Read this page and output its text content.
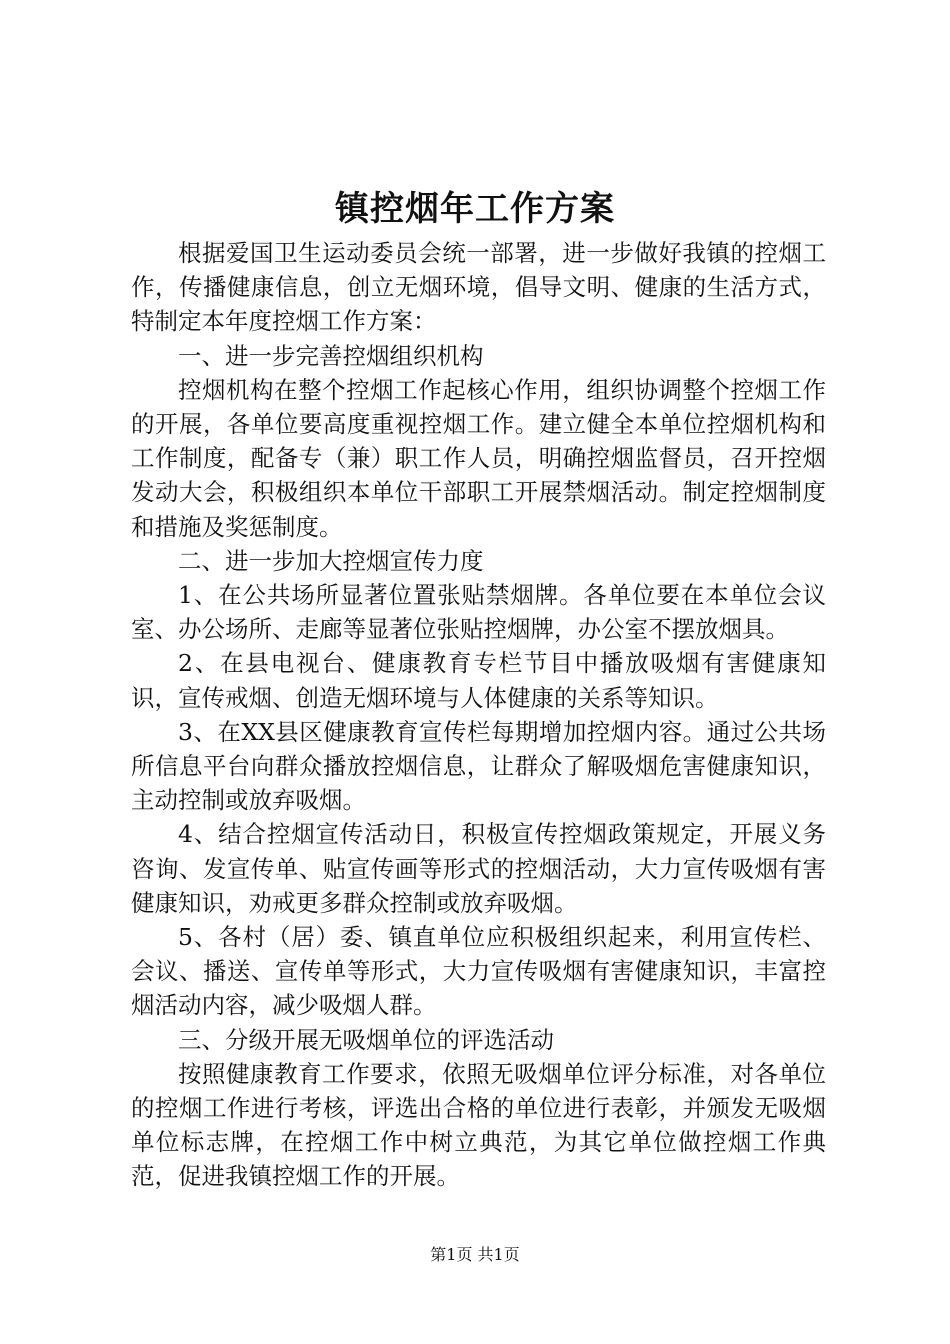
镇控烟年工作方案

根据爱国卫生运动委员会统一部署，进一步做好我镇的控烟工作，传播健康信息，创立无烟环境，倡导文明、健康的生活方式，特制定本年度控烟工作方案：

一、进一步完善控烟组织机构

控烟机构在整个控烟工作起核心作用，组织协调整个控烟工作的开展，各单位要高度重视控烟工作。建立健全本单位控烟机构和工作制度，配备专（兼）职工作人员，明确控烟监督员，召开控烟发动大会，积极组织本单位干部职工开展禁烟活动。制定控烟制度和措施及奖惩制度。

二、进一步加大控烟宣传力度

1、在公共场所显著位置张贴禁烟牌。各单位要在本单位会议室、办公场所、走廊等显著位张贴控烟牌，办公室不摆放烟具。

2、在县电视台、健康教育专栏节目中播放吸烟有害健康知识，宣传戒烟、创造无烟环境与人体健康的关系等知识。

3、在XX县区健康教育宣传栏每期增加控烟内容。通过公共场所信息平台向群众播放控烟信息，让群众了解吸烟危害健康知识，主动控制或放弃吸烟。

4、结合控烟宣传活动日，积极宣传控烟政策规定，开展义务咨询、发宣传单、贴宣传画等形式的控烟活动，大力宣传吸烟有害健康知识，劝戒更多群众控制或放弃吸烟。

5、各村（居）委、镇直单位应积极组织起来，利用宣传栏、会议、播送、宣传单等形式，大力宣传吸烟有害健康知识，丰富控烟活动内容，减少吸烟人群。

三、分级开展无吸烟单位的评选活动

按照健康教育工作要求，依照无吸烟单位评分标准，对各单位的控烟工作进行考核，评选出合格的单位进行表彰，并颁发无吸烟单位标志牌，在控烟工作中树立典范，为其它单位做控烟工作典范，促进我镇控烟工作的开展。

第1页 共1页
